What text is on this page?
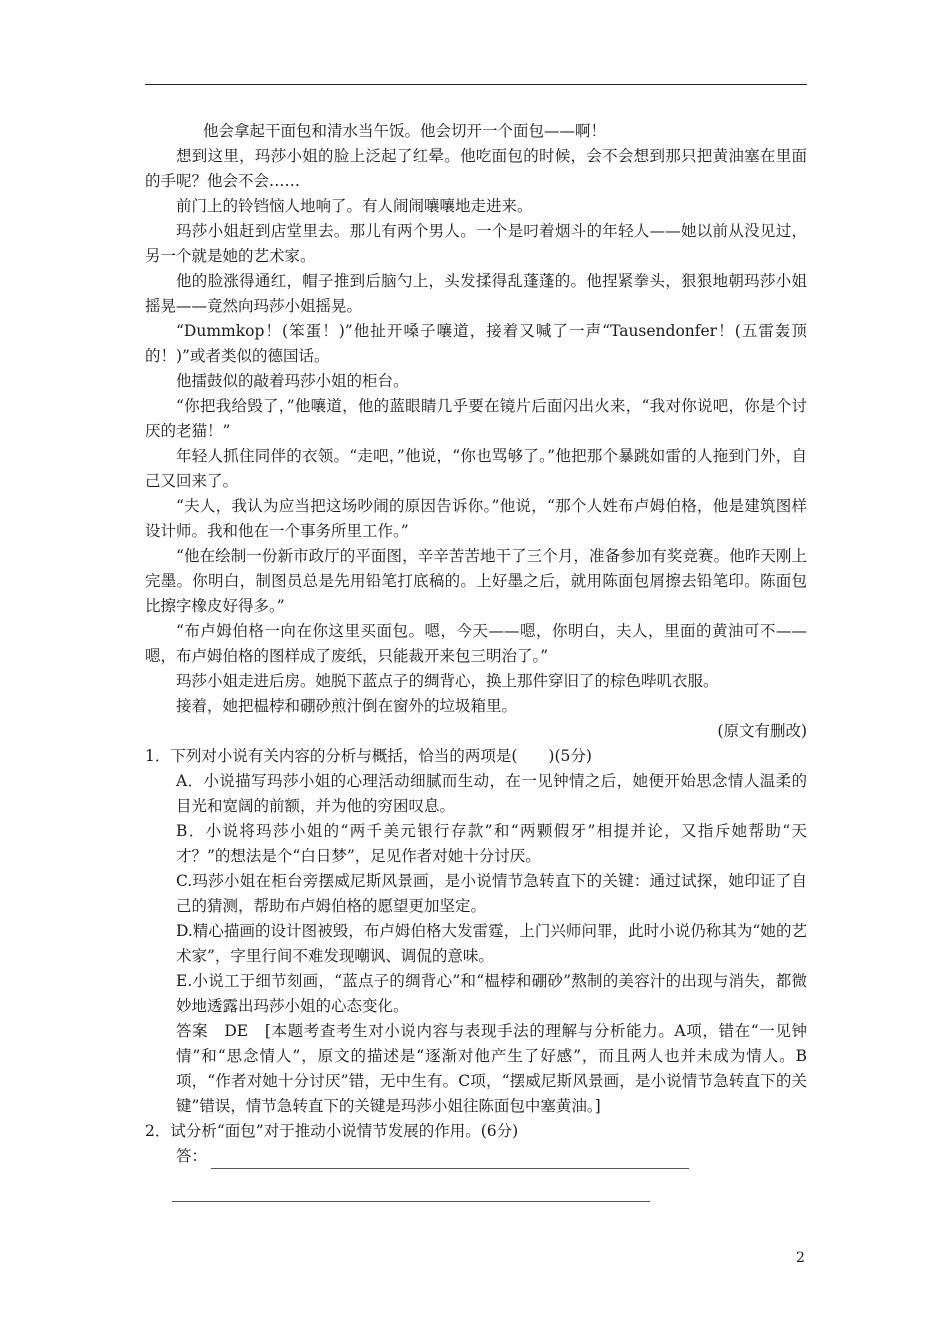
他会拿起干面包和清水当午饭。他会切开一个面包——啊！

想到这里，玛莎小姐的脸上泛起了红晕。他吃面包的时候，会不会想到那只把黄油塞在里面的手呢？他会不会……

前门上的铃铛恼人地响了。有人闹闹嚷嚷地走进来。

玛莎小姐赶到店堂里去。那儿有两个男人。一个是叼着烟斗的年轻人——她以前从没见过，另一个就是她的艺术家。

他的脸涨得通红，帽子推到后脑勺上，头发揉得乱蓬蓬的。他捏紧拳头，狠狠地朝玛莎小姐摇晃——竟然向玛莎小姐摇晃。

“Dummkop！(笨蛋！)”他扯开嗓子嚷道，接着又喊了一声“Tausendonfer！(五雷轰顶的！)”或者类似的德国话。

他擂鼓似的敲着玛莎小姐的柜台。

“你把我给毁了，”他嚷道，他的蓝眼睛几乎要在镜片后面闪出火来，“我对你说吧，你是个讨厌的老猫！”

年轻人抓住同伴的衣领。“走吧，”他说，“你也骂够了。”他把那个暴跳如雷的人拖到门外，自己又回来了。

“夫人，我认为应当把这场吵闹的原因告诉你。”他说，“那个人姓布卢姆伯格，他是建筑图样设计师。我和他在一个事务所里工作。”

“他在绘制一份新市政厅的平面图，辛辛苦苦地干了三个月，准备参加有奖竞赛。他昨天刚上完墨。你明白，制图员总是先用铅笔打底稿的。上好墨之后，就用陈面包屑擦去铅笔印。陈面包比擦字橡皮好得多。”

“布卢姆伯格一向在你这里买面包。嗯，今天——嗯，你明白，夫人，里面的黄油可不——嗯，布卢姆伯格的图样成了废纸，只能裁开来包三明治了。”

玛莎小姐走进后房。她脱下蓝点子的绸背心，换上那件穿旧了的棕色哔叽衣服。

接着，她把榅桲和硼砂煎汁倒在窗外的垃圾箱里。

(原文有删改)

1．下列对小说有关内容的分析与概括，恰当的两项是(　　)(5分)

A．小说描写玛莎小姐的心理活动细腻而生动，在一见钟情之后，她便开始思念情人温柔的目光和宽阔的前额，并为他的穷困叹息。

B．小说将玛莎小姐的“两千美元银行存款”和“两颗假牙”相提并论，又指斥她帮助“天才？”的想法是个“白日梦”，足见作者对她十分讨厌。

C.玛莎小姐在柜台旁摆威尼斯风景画，是小说情节急转直下的关键：通过试探，她印证了自己的猜测，帮助布卢姆伯格的愿望更加坚定。

D.精心描画的设计图被毁，布卢姆伯格大发雷霆，上门兴师问罪，此时小说仍称其为“她的艺术家”，字里行间不难发现嘲讽、调侃的意味。

E.小说工于细节刻画，“蓝点子的绸背心”和“榅桲和硼砂”熬制的美容汁的出现与消失，都微妙地透露出玛莎小姐的心态变化。

答案　DE　[本题考查考生对小说内容与表现手法的理解与分析能力。A项，错在“一见钟情”和“思念情人”，原文的描述是“逐渐对他产生了好感”，而且两人也并未成为情人。B项，“作者对她十分讨厌”错，无中生有。C项，“摆威尼斯风景画，是小说情节急转直下的关键”错误，情节急转直下的关键是玛莎小姐往陈面包中塞黄油。]

2．试分析“面包”对于推动小说情节发展的作用。(6分)

答：
2
